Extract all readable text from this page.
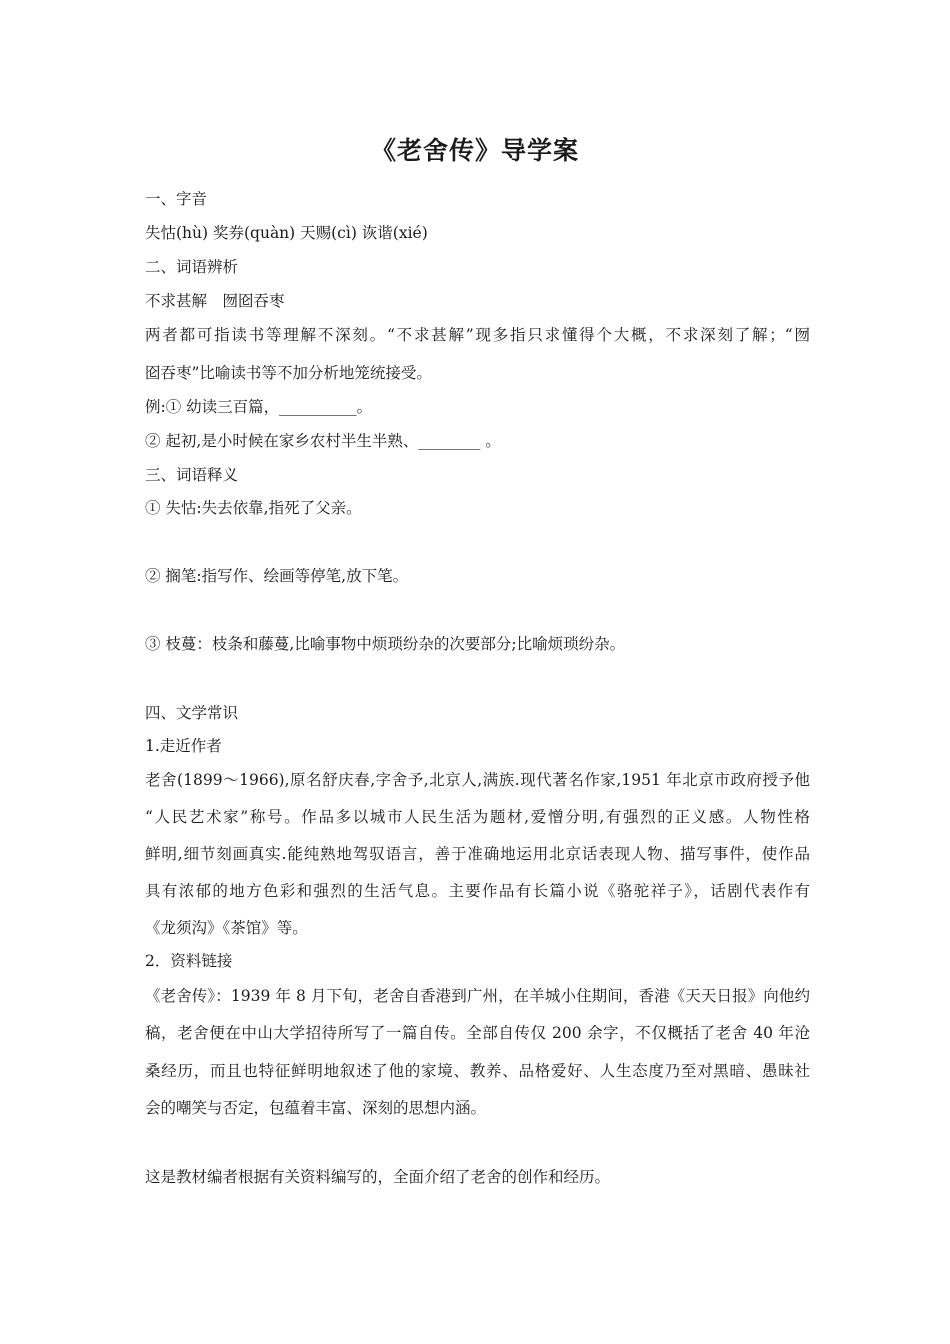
《老舍传》导学案
一、字音
失怙(hù) 奖券(quàn) 天赐(cì) 诙谐(xié)
二、词语辨析
不求甚解　囫囵吞枣
两者都可指读书等理解不深刻。“不求甚解”现多指只求懂得个大概，不求深刻了解；“囫
囵吞枣”比喻读书等不加分析地笼统接受。
例:① 幼读三百篇，__________。
② 起初,是小时候在家乡农村半生半熟、________ 。
三、词语释义
① 失怙:失去依靠,指死了父亲。
② 搁笔:指写作、绘画等停笔,放下笔。
③ 枝蔓：枝条和藤蔓,比喻事物中烦琐纷杂的次要部分;比喻烦琐纷杂。
四、文学常识
1.走近作者
老舍(1899～1966),原名舒庆春,字舍予,北京人,满族.现代著名作家,1951 年北京市政府授予他
“人民艺术家”称号。作品多以城市人民生活为题材,爱憎分明,有强烈的正义感。人物性格
鲜明,细节刻画真实.能纯熟地驾驭语言，善于准确地运用北京话表现人物、描写事件，使作品
具有浓郁的地方色彩和强烈的生活气息。主要作品有长篇小说《骆驼祥子》，话剧代表作有
《龙须沟》《茶馆》等。
2．资料链接
《老舍传》：1939 年 8 月下旬，老舍自香港到广州，在羊城小住期间，香港《天天日报》向他约
稿，老舍便在中山大学招待所写了一篇自传。全部自传仅 200 余字，不仅概括了老舍 40 年沧
桑经历，而且也特征鲜明地叙述了他的家境、教养、品格爱好、人生态度乃至对黑暗、愚昧社
会的嘲笑与否定，包蕴着丰富、深刻的思想内涵。
这是教材编者根据有关资料编写的，全面介绍了老舍的创作和经历。
